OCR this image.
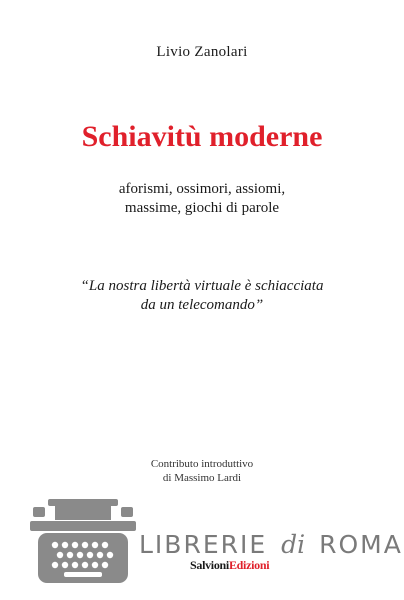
Livio Zanolari
Schiavitù moderne
aforismi, ossimori, assiomi,
massime, giochi di parole
“La nostra libertà virtuale è schiacciata
da un telecomando”
Contributo introduttivo
di Massimo Lardi
LIBRERIE di ROMA
SalvioniEdizioni
